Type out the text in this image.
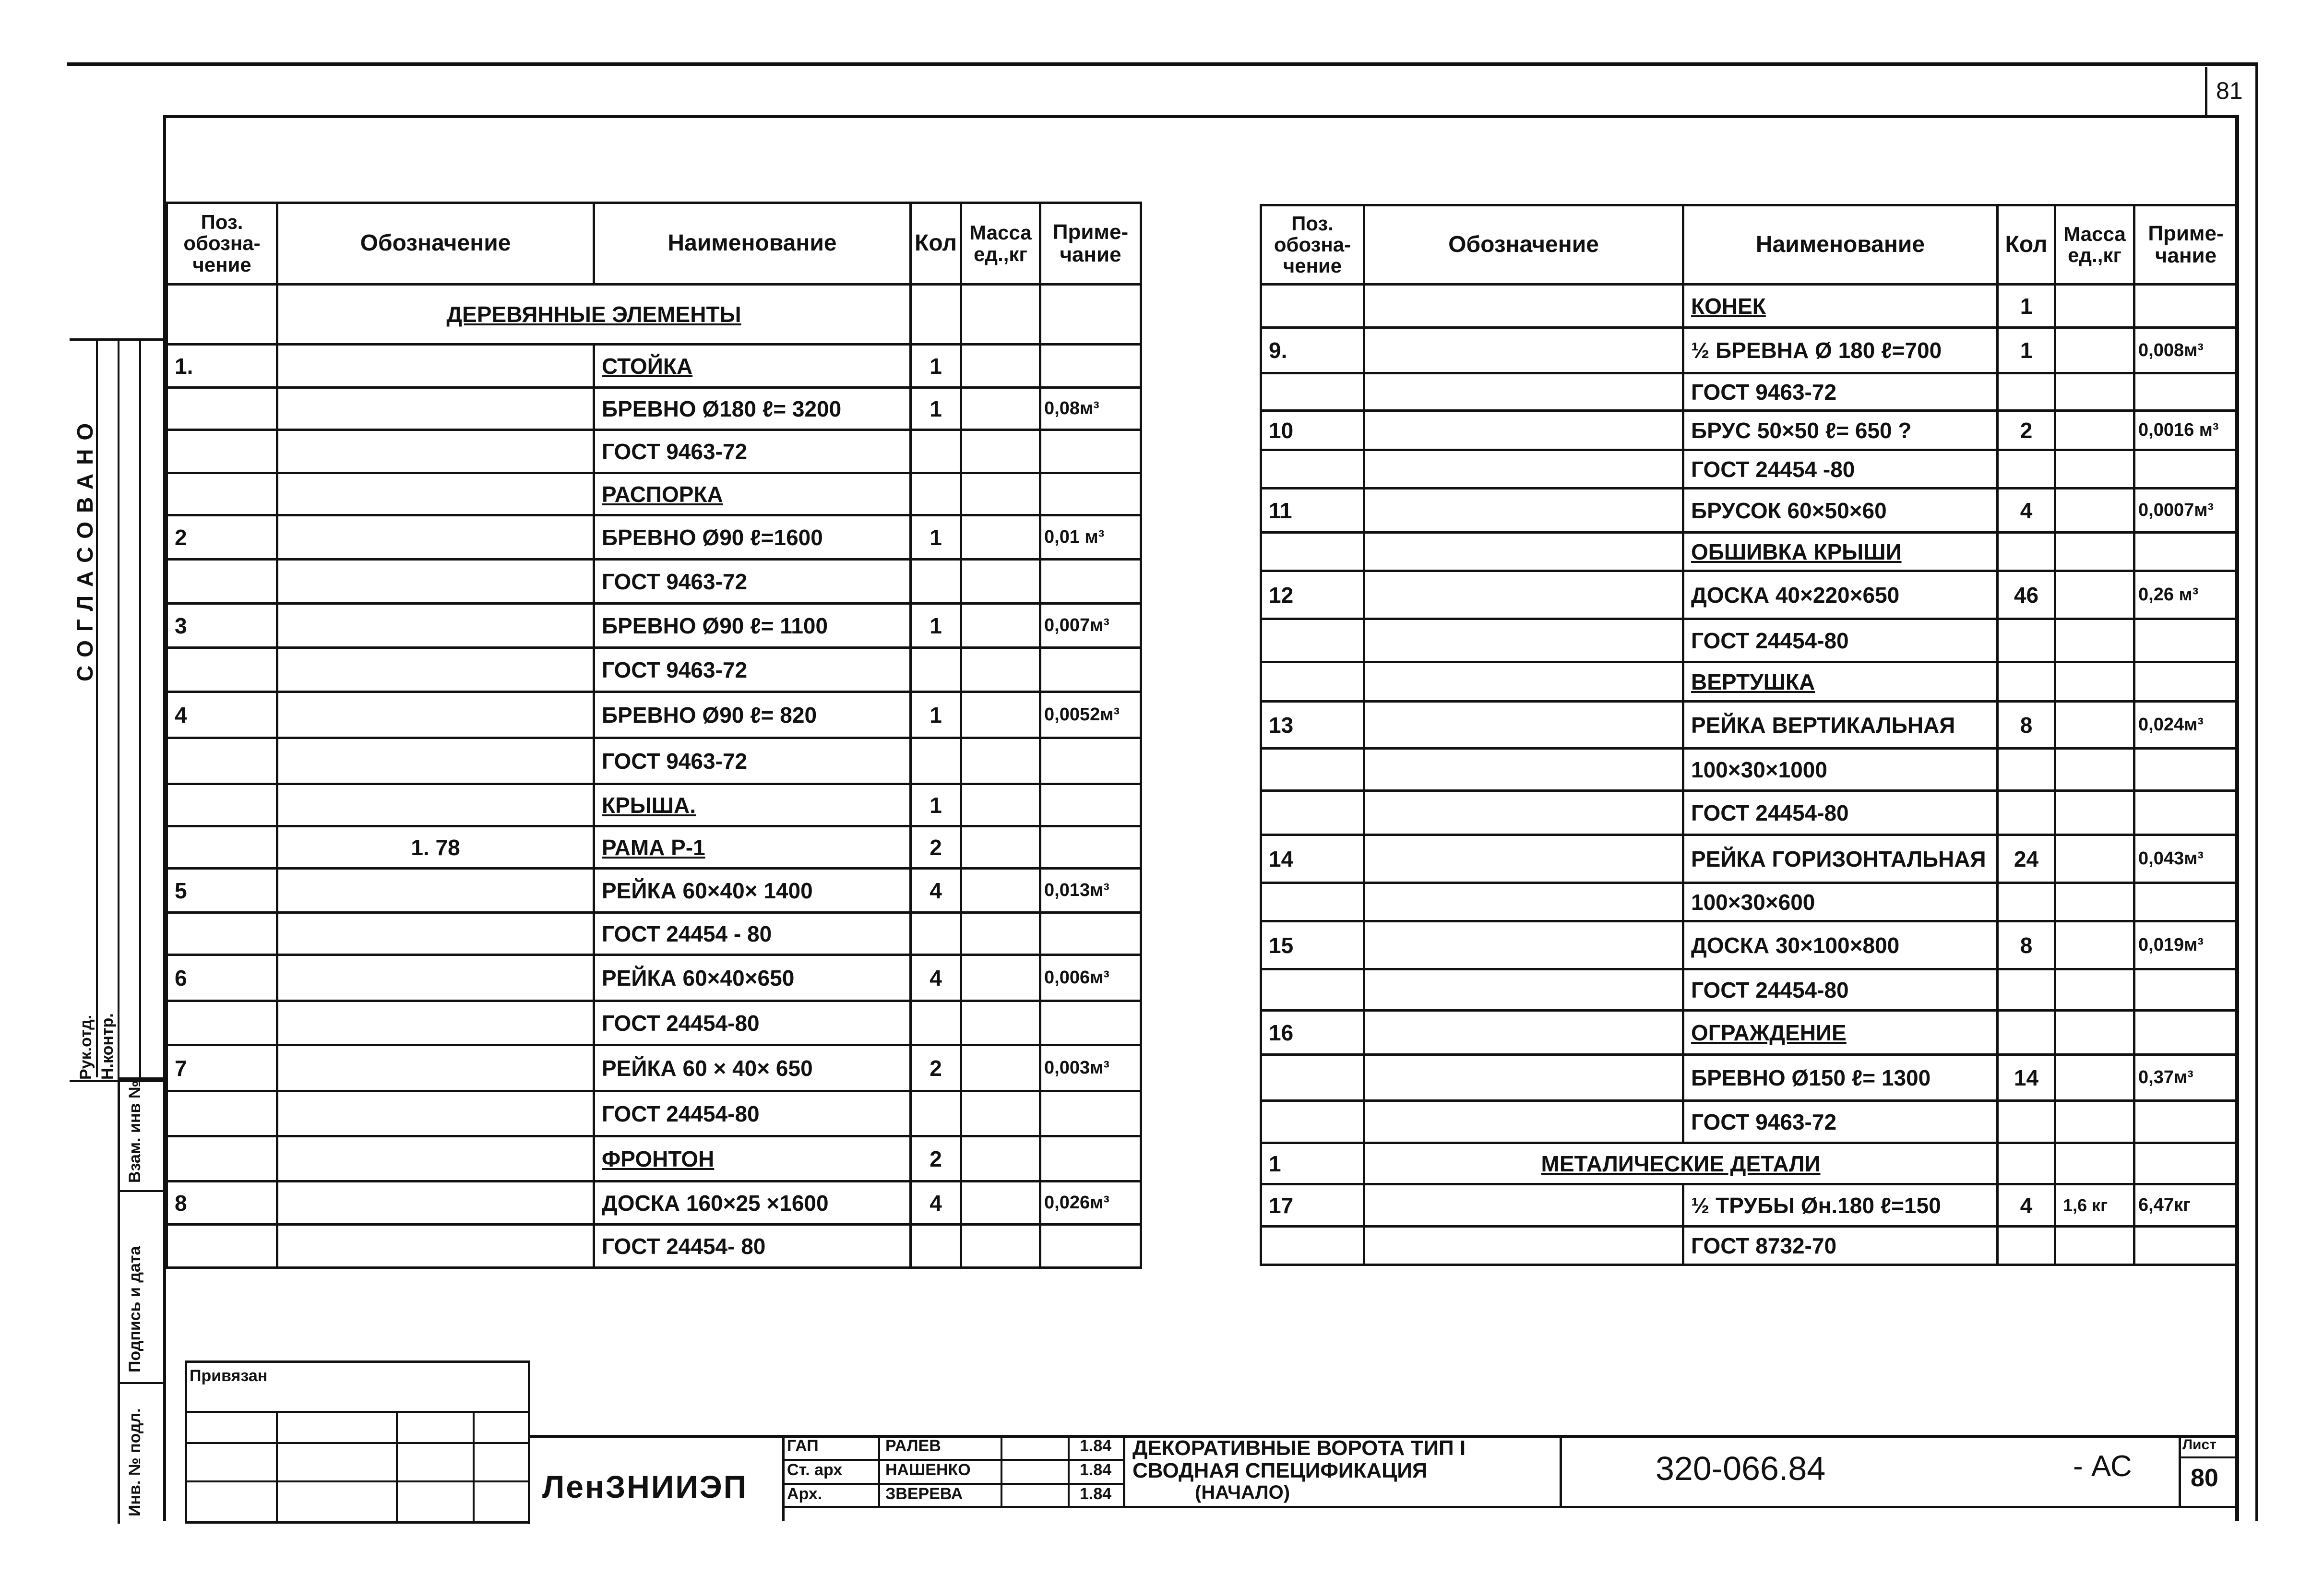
81
СОГЛАСОВАНО
Рук.отд. Н.контр.
Взам. инв №
Подпись и дата
Инв. № подл.
Поз. обозна- чение	Обозначение	Наименование	Кол	Масса ед.,кг	Приме- чание
	ДЕРЕВЯННЫЕ ЭЛЕМЕНТЫ				
1.		СТОЙКА	1		
		БРЕВНО Ø180 ℓ= 3200	1		0,08м³
		ГОСТ 9463-72			
		РАСПОРКА			
2		БРЕВНО Ø90 ℓ=1600	1		0,01 м³
		ГОСТ 9463-72			
3		БРЕВНО Ø90 ℓ= 1100	1		0,007м³
		ГОСТ 9463-72			
4		БРЕВНО Ø90 ℓ= 820	1		0,0052м³
		ГОСТ 9463-72			
		КРЫША.	1		
	1. 78	РАМА Р-1	2		
5		РЕЙКА 60×40× 1400	4		0,013м³
		ГОСТ 24454 - 80			
6		РЕЙКА 60×40×650	4		0,006м³
		ГОСТ 24454-80			
7		РЕЙКА 60 × 40× 650	2		0,003м³
		ГОСТ 24454-80			
		ФРОНТОН	2		
8		ДОСКА 160×25 ×1600	4		0,026м³
		ГОСТ 24454- 80			
Поз. обозна- чение	Обозначение	Наименование	Кол	Масса ед.,кг	Приме- чание
		КОНЕК	1		
9.		½ БРЕВНА Ø 180 ℓ=700	1		0,008м³
		ГОСТ 9463-72			
10		БРУС 50×50 ℓ= 650 ?	2		0,0016 м³
		ГОСТ 24454 -80			
11		БРУСОК 60×50×60	4		0,0007м³
		ОБШИВКА КРЫШИ			
12		ДОСКА 40×220×650	46		0,26 м³
		ГОСТ 24454-80			
		ВЕРТУШКА			
13		РЕЙКА ВЕРТИКАЛЬНАЯ	8		0,024м³
		100×30×1000			
		ГОСТ 24454-80			
14		РЕЙКА ГОРИЗОНТАЛЬНАЯ	24		0,043м³
		100×30×600			
15		ДОСКА 30×100×800	8		0,019м³
		ГОСТ 24454-80			
16		ОГРАЖДЕНИЕ			
		БРЕВНО Ø150 ℓ= 1300	14		0,37м³
		ГОСТ 9463-72			
1	МЕТАЛИЧЕСКИЕ ДЕТАЛИ				
17		½ ТРУБЫ Øн.180 ℓ=150	4	1,6 кг	6,47кг
		ГОСТ 8732-70			
Привязан
ЛенЗНИИЭП
ГАП	РАЛЕВ	1.84
Ст. арх	НАШЕНКО	1.84
Арх.	ЗВЕРЕВА	1.84
ДЕКОРАТИВНЫЕ ВОРОТА ТИП I
СВОДНАЯ СПЕЦИФИКАЦИЯ
(НАЧАЛО)
320-066.84	- АС
Лист
80
